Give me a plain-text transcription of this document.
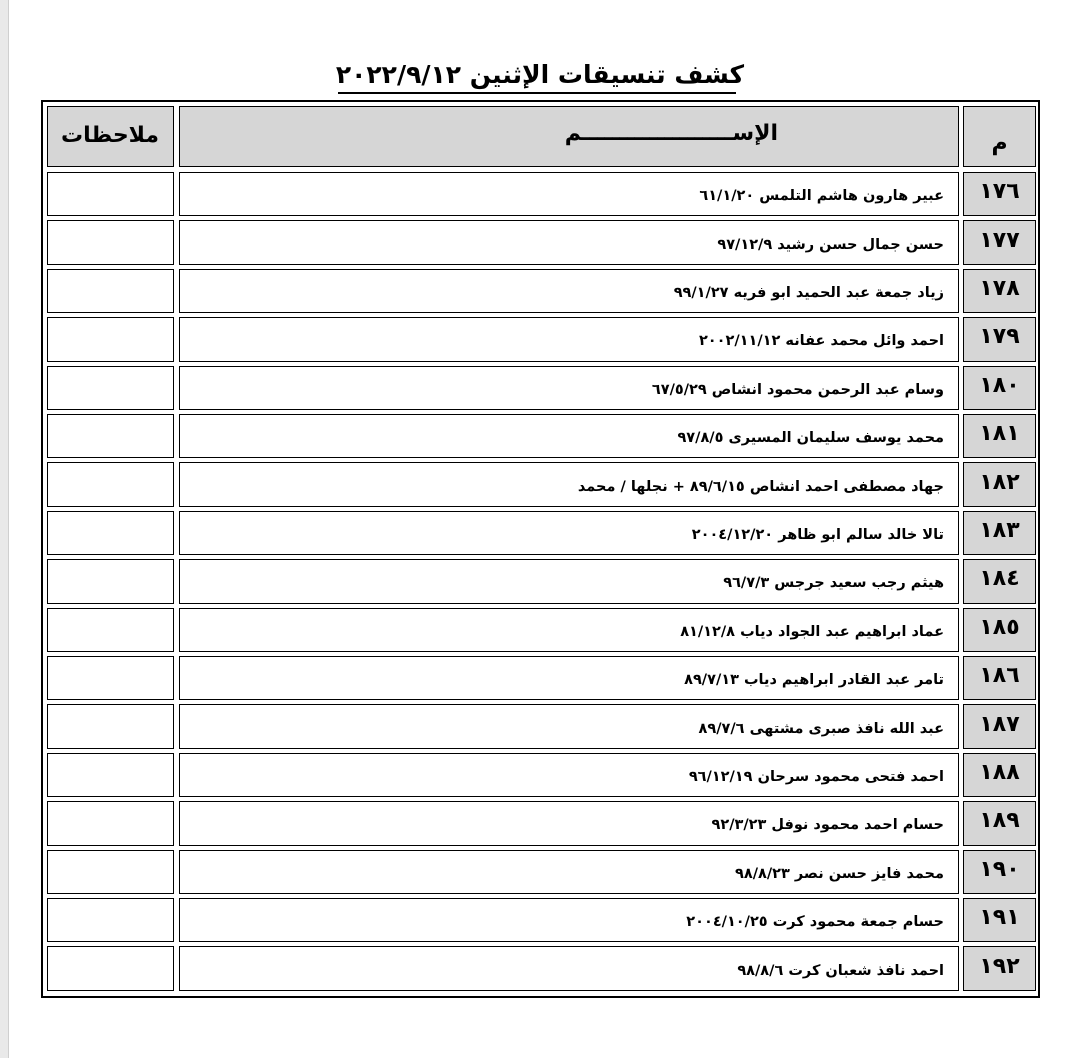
كشف تنسيقات الإثنين ٢٠٢٢/٩/١٢
ملاحظات	الإســــــــــــــــــــم	م
عبير هارون هاشم التلمس ٦١/١/٢٠	١٧٦
حسن جمال حسن رشيد ٩٧/١٢/٩	١٧٧
زياد جمعة عبد الحميد ابو فريه ٩٩/١/٢٧	١٧٨
احمد وائل محمد عفانه ٢٠٠٢/١١/١٢	١٧٩
وسام عبد الرحمن محمود انشاص ٦٧/٥/٢٩	١٨٠
محمد يوسف سليمان المسيرى ٩٧/٨/٥	١٨١
جهاد مصطفى احمد انشاص ٨٩/٦/١٥ + نجلها / محمد	١٨٢
تالا خالد سالم ابو ظاهر ٢٠٠٤/١٢/٢٠	١٨٣
هيثم رجب سعيد جرجس ٩٦/٧/٣	١٨٤
عماد ابراهيم عبد الجواد دياب ٨١/١٢/٨	١٨٥
تامر عبد القادر ابراهيم دياب ٨٩/٧/١٣	١٨٦
عبد الله نافذ صبرى مشتهى ٨٩/٧/٦	١٨٧
احمد فتحى محمود سرحان ٩٦/١٢/١٩	١٨٨
حسام احمد محمود نوفل ٩٢/٣/٢٣	١٨٩
محمد فايز حسن نصر ٩٨/٨/٢٣	١٩٠
حسام جمعة محمود كرت ٢٠٠٤/١٠/٢٥	١٩١
احمد نافذ شعبان كرت ٩٨/٨/٦	١٩٢
